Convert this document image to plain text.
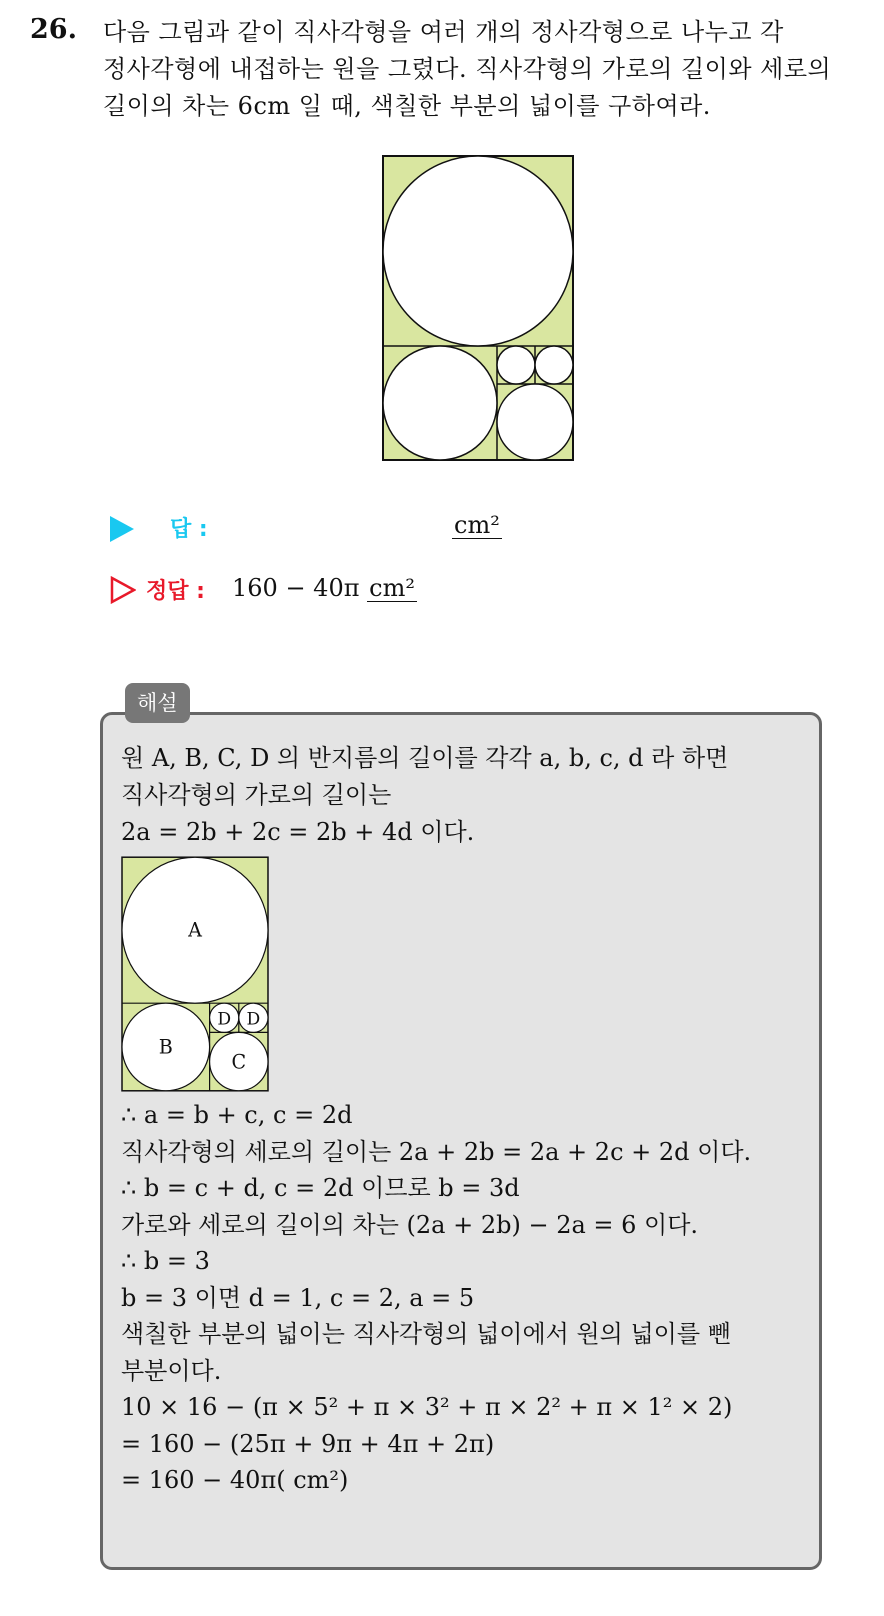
26. 다음 그림과 같이 직사각형을 여러 개의 정사각형으로 나누고 각
정사각형에 내접하는 원을 그렸다. 직사각형의 가로의 길이와 세로의
길이의 차는 6cm 일 때, 색칠한 부분의 넓이를 구하여라.
답 :	cm²
정답 : 160 − 40π cm²
해설
원 A, B, C, D 의 반지름의 길이를 각각 a, b, c, d 라 하면
직사각형의 가로의 길이는
2a = 2b + 2c = 2b + 4d 이다.
A
B
C
D D
∴ a = b + c, c = 2d
직사각형의 세로의 길이는 2a + 2b = 2a + 2c + 2d 이다.
∴ b = c + d, c = 2d 이므로 b = 3d
가로와 세로의 길이의 차는 (2a + 2b) − 2a = 6 이다.
∴ b = 3
b = 3 이면 d = 1, c = 2, a = 5
색칠한 부분의 넓이는 직사각형의 넓이에서 원의 넓이를 뺀
부분이다.
10 × 16 − (π × 5² + π × 3² + π × 2² + π × 1² × 2)
= 160 − (25π + 9π + 4π + 2π)
= 160 − 40π( cm²)
